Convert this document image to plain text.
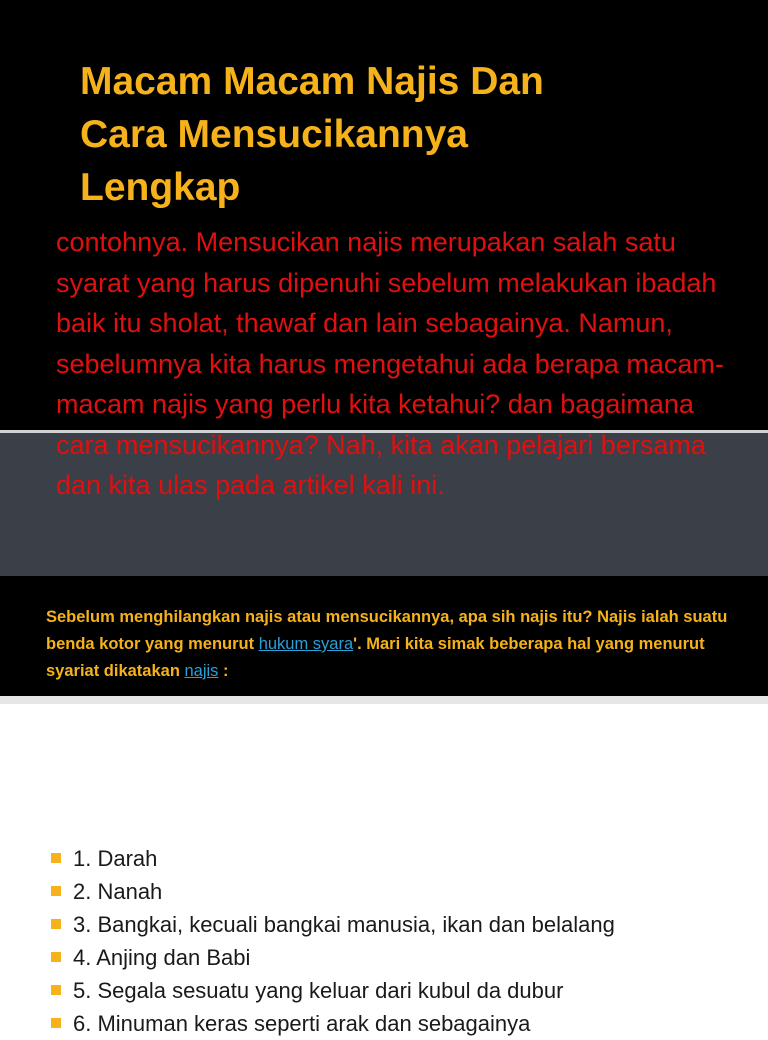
Macam Macam Najis Dan
Cara Mensucikannya
Lengkap

contohnya. Mensucikan najis merupakan salah satu syarat yang harus dipenuhi sebelum melakukan ibadah baik itu sholat, thawaf dan lain sebagainya. Namun, sebelumnya kita harus mengetahui ada berapa macam-macam najis yang perlu kita ketahui? dan bagaimana cara mensucikannya? Nah, kita akan pelajari bersama dan kita ulas pada artikel kali ini.

Sebelum menghilangkan najis atau mensucikannya, apa sih najis itu? Najis ialah suatu benda kotor yang menurut hukum syara'. Mari kita simak beberapa hal yang menurut syariat dikatakan najis :

1. Darah
2. Nanah
3. Bangkai, kecuali bangkai manusia, ikan dan belalang
4. Anjing dan Babi
5. Segala sesuatu yang keluar dari kubul da dubur
6. Minuman keras seperti arak dan sebagainya
